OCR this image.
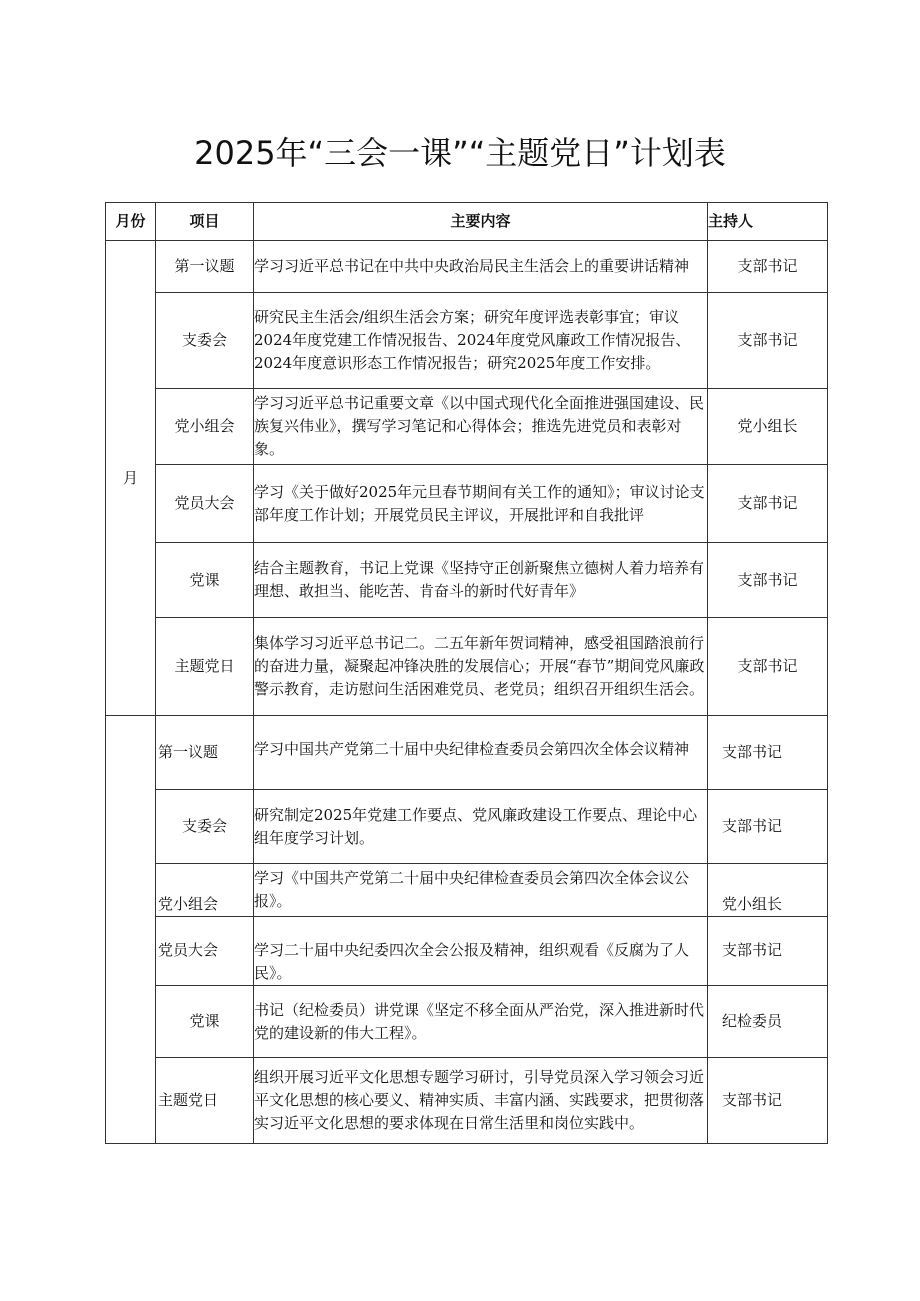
2025年“三会一课”“主题党日”计划表
月份	项目	主要内容	主持人
月	第一议题	学习习近平总书记在中共中央政治局民主生活会上的重要讲话精神	支部书记
	支委会	研究民主生活会/组织生活会方案；研究年度评选表彰事宜；审议2024年度党建工作情况报告、2024年度党风廉政工作情况报告、2024年度意识形态工作情况报告；研究2025年度工作安排。	支部书记
	党小组会	学习习近平总书记重要文章《以中国式现代化全面推进强国建设、民族复兴伟业》，撰写学习笔记和心得体会；推选先进党员和表彰对象。	党小组长
	党员大会	学习《关于做好2025年元旦春节期间有关工作的通知》；审议讨论支部年度工作计划；开展党员民主评议，开展批评和自我批评	支部书记
	党课	结合主题教育，书记上党课《坚持守正创新聚焦立德树人着力培养有理想、敢担当、能吃苦、肯奋斗的新时代好青年》	支部书记
	主题党日	集体学习习近平总书记二。二五年新年贺词精神，感受祖国踏浪前行的奋进力量，凝聚起冲锋决胜的发展信心；开展“春节”期间党风廉政警示教育，走访慰问生活困难党员、老党员；组织召开组织生活会。	支部书记
	第一议题	学习中国共产党第二十届中央纪律检查委员会第四次全体会议精神	支部书记
	支委会	研究制定2025年党建工作要点、党风廉政建设工作要点、理论中心组年度学习计划。	支部书记
	党小组会	学习《中国共产党第二十届中央纪律检查委员会第四次全体会议公报》。	党小组长
	党员大会	学习二十届中央纪委四次全会公报及精神，组织观看《反腐为了人民》。	支部书记
	党课	书记（纪检委员）讲党课《坚定不移全面从严治党，深入推进新时代党的建设新的伟大工程》。	纪检委员
	主题党日	组织开展习近平文化思想专题学习研讨，引导党员深入学习领会习近平文化思想的核心要义、精神实质、丰富内涵、实践要求，把贯彻落实习近平文化思想的要求体现在日常生活里和岗位实践中。	支部书记
